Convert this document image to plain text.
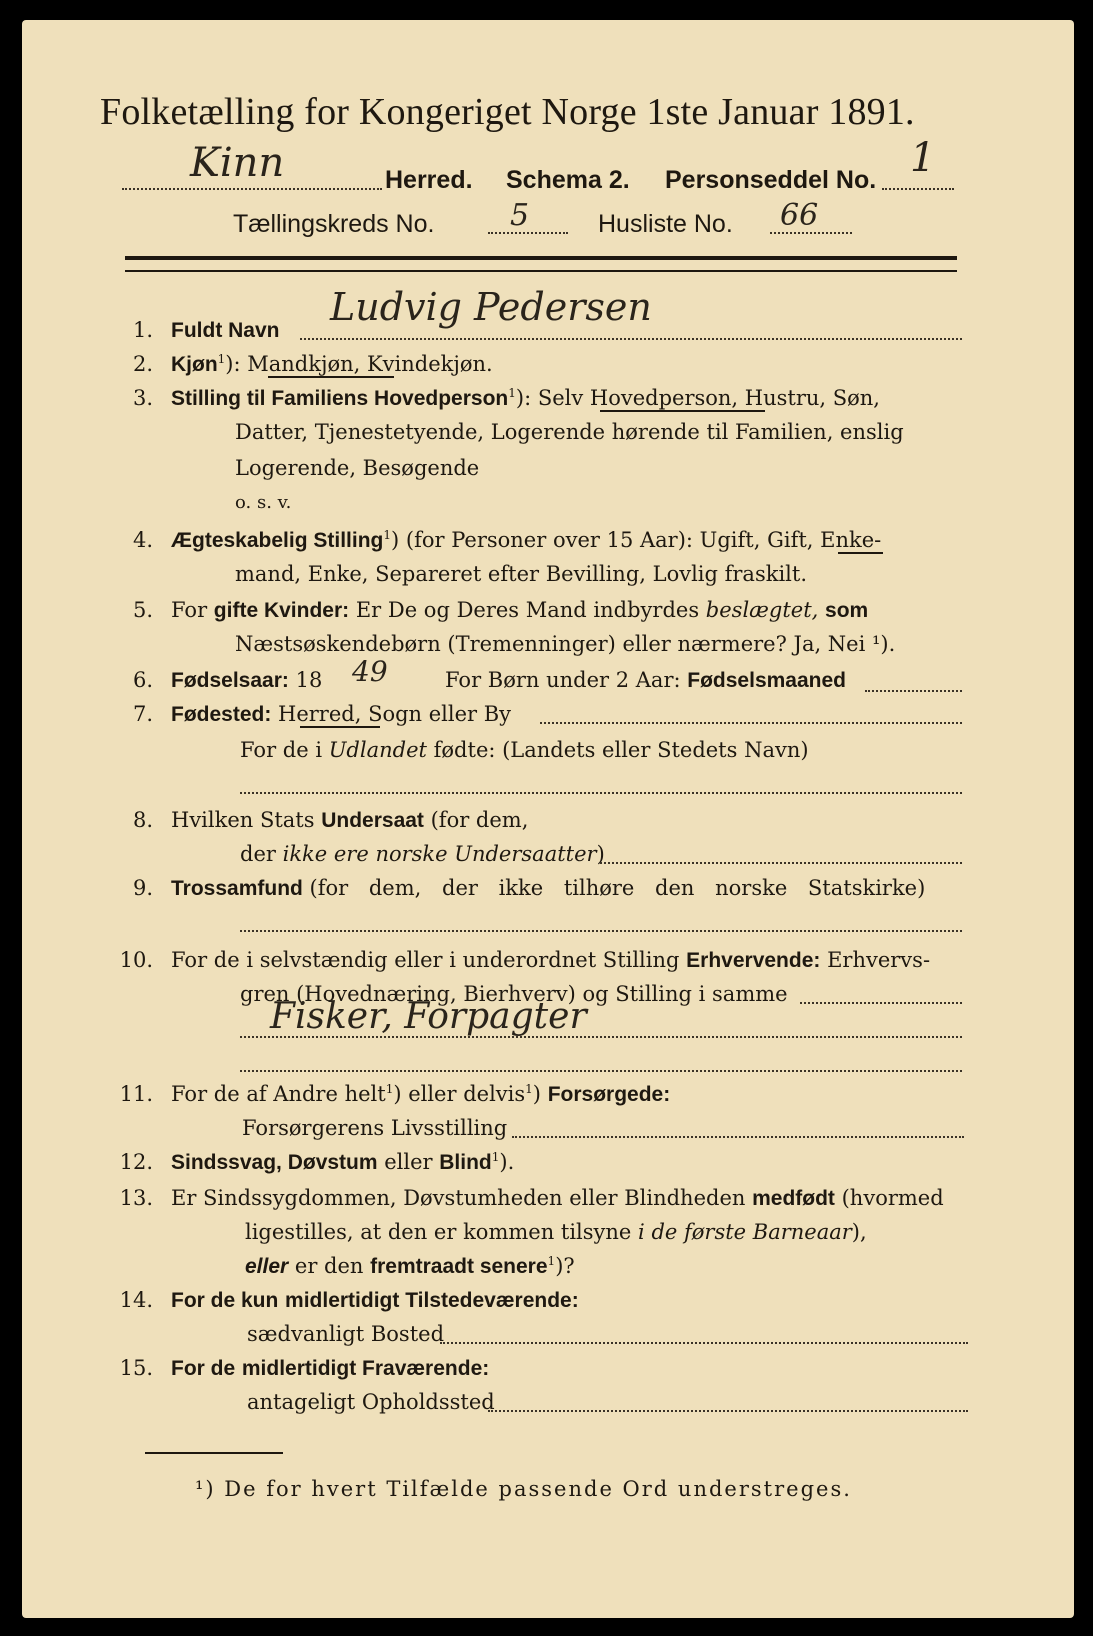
Folketælling for Kongeriget Norge 1ste Januar 1891.
Kinn	Herred. Schema 2. Personseddel No. 1
Tællingskreds No.	5	Husliste No. 66
1. Fuldt Navn
Ludvig Pedersen
2. Kjøn$^1$): Mandkjøn, Kvindekjøn.
3. Stilling til Familiens Hovedperson$^1$): Selv Hovedperson, Hustru, Søn,
Datter, Tjenestetyende, Logerende hørende til Familien, enslig
Logerende, Besøgende
o. s. v.
4. Ægteskabelig Stilling$^1$) (for Personer over 15 Aar): Ugift, Gift, Enke-
mand, Enke, Separeret efter Bevilling, Lovlig fraskilt.
5. For gifte Kvinder: Er De og Deres Mand indbyrdes beslægtet, som
Næstsøskendebørn (Tremenninger) eller nærmere? Ja, Nei ¹).
6. Fødselsaar: 18 49	For Børn under 2 Aar: Fødselsmaaned
7. Fødested: Herred, Sogn eller By
For de i Udlandet fødte: (Landets eller Stedets Navn)
8. Hvilken Stats Undersaat (for dem,
der ikke ere norske Undersaatter)
9. Trossamfund (for dem, der ikke tilhøre den norske Statskirke)
10. For de i selvstændig eller i underordnet Stilling Erhvervende: Erhvervs-
gren (Hovednæring, Bierhverv) og Stilling i samme
Fisker, Forpagter
11. For de af Andre helt$^1$) eller delvis$^1$) Forsørgede:
Forsørgerens Livsstilling
12. Sindssvag, Døvstum eller Blind$^1$).
13. Er Sindssygdommen, Døvstumheden eller Blindheden medfødt (hvormed
ligestilles, at den er kommen tilsyne i de første Barneaar),
eller er den fremtraadt senere$^1$)?
14. For de kun midlertidigt Tilstedeværende:
sædvanligt Bosted
15. For de midlertidigt Fraværende:
antageligt Opholdssted
¹) De for hvert Tilfælde passende Ord understreges.
